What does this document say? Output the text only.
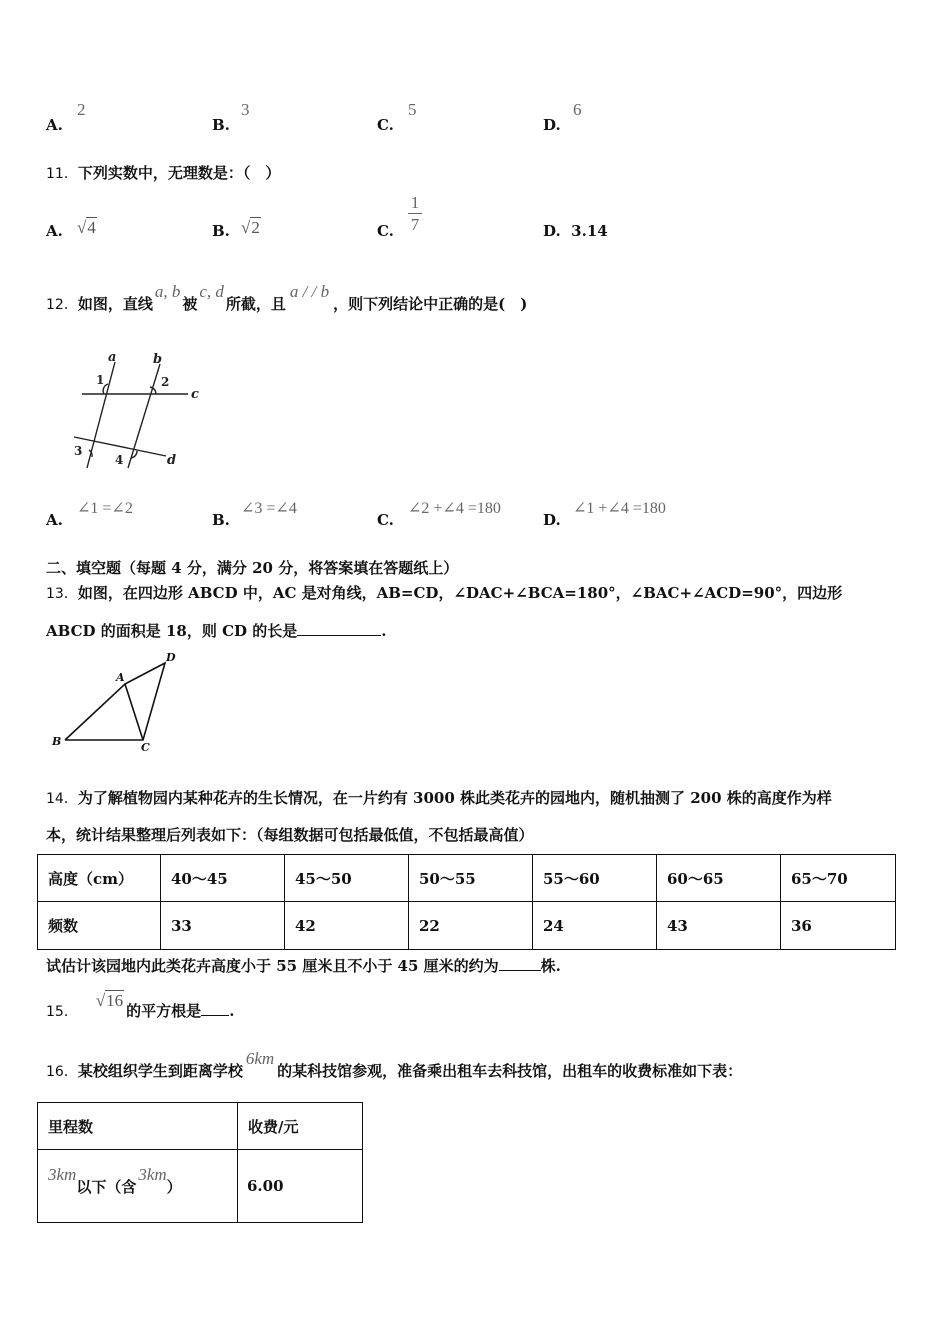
A.
2
B.
3
C.
5
D.
6
11．下列实数中，无理数是：（　）
A. √4	B. √2	C.
1
7	D. 3.14
12．如图，直线a, b被c, d所截，且a / / b，则下列结论中正确的是(　)
a	b
c
d
1	2
3
4
A.
∠1 =∠2
B.
∠3 =∠4
C.
∠2 +∠4 =180
D.
∠1 +∠4 =180
二、填空题（每题 4 分，满分 20 分，将答案填在答题纸上）
13．如图，在四边形 ABCD 中，AC 是对角线，AB=CD，∠DAC+∠BCA=180°，∠BAC+∠ACD=90°，四边形
ABCD 的面积是 18，则 CD 的长是	.
A
B	C
D
14．为了解植物园内某种花卉的生长情况，在一片约有 3000 株此类花卉的园地内，随机抽测了 200 株的高度作为样
本，统计结果整理后列表如下：（每组数据可包括最低值，不包括最高值）
高度（cm）	40～45	45～50	50～55	55～60	60～65	65～70
频数	33	42	22	24	43	36
试估计该园地内此类花卉高度小于 55 厘米且不小于 45 厘米的约为	株.
15．√16的平方根是 .
16．某校组织学生到距离学校6km的某科技馆参观，准备乘出租车去科技馆，出租车的收费标准如下表：
里程数	收费/元
3km以下（含3km）	6.00
